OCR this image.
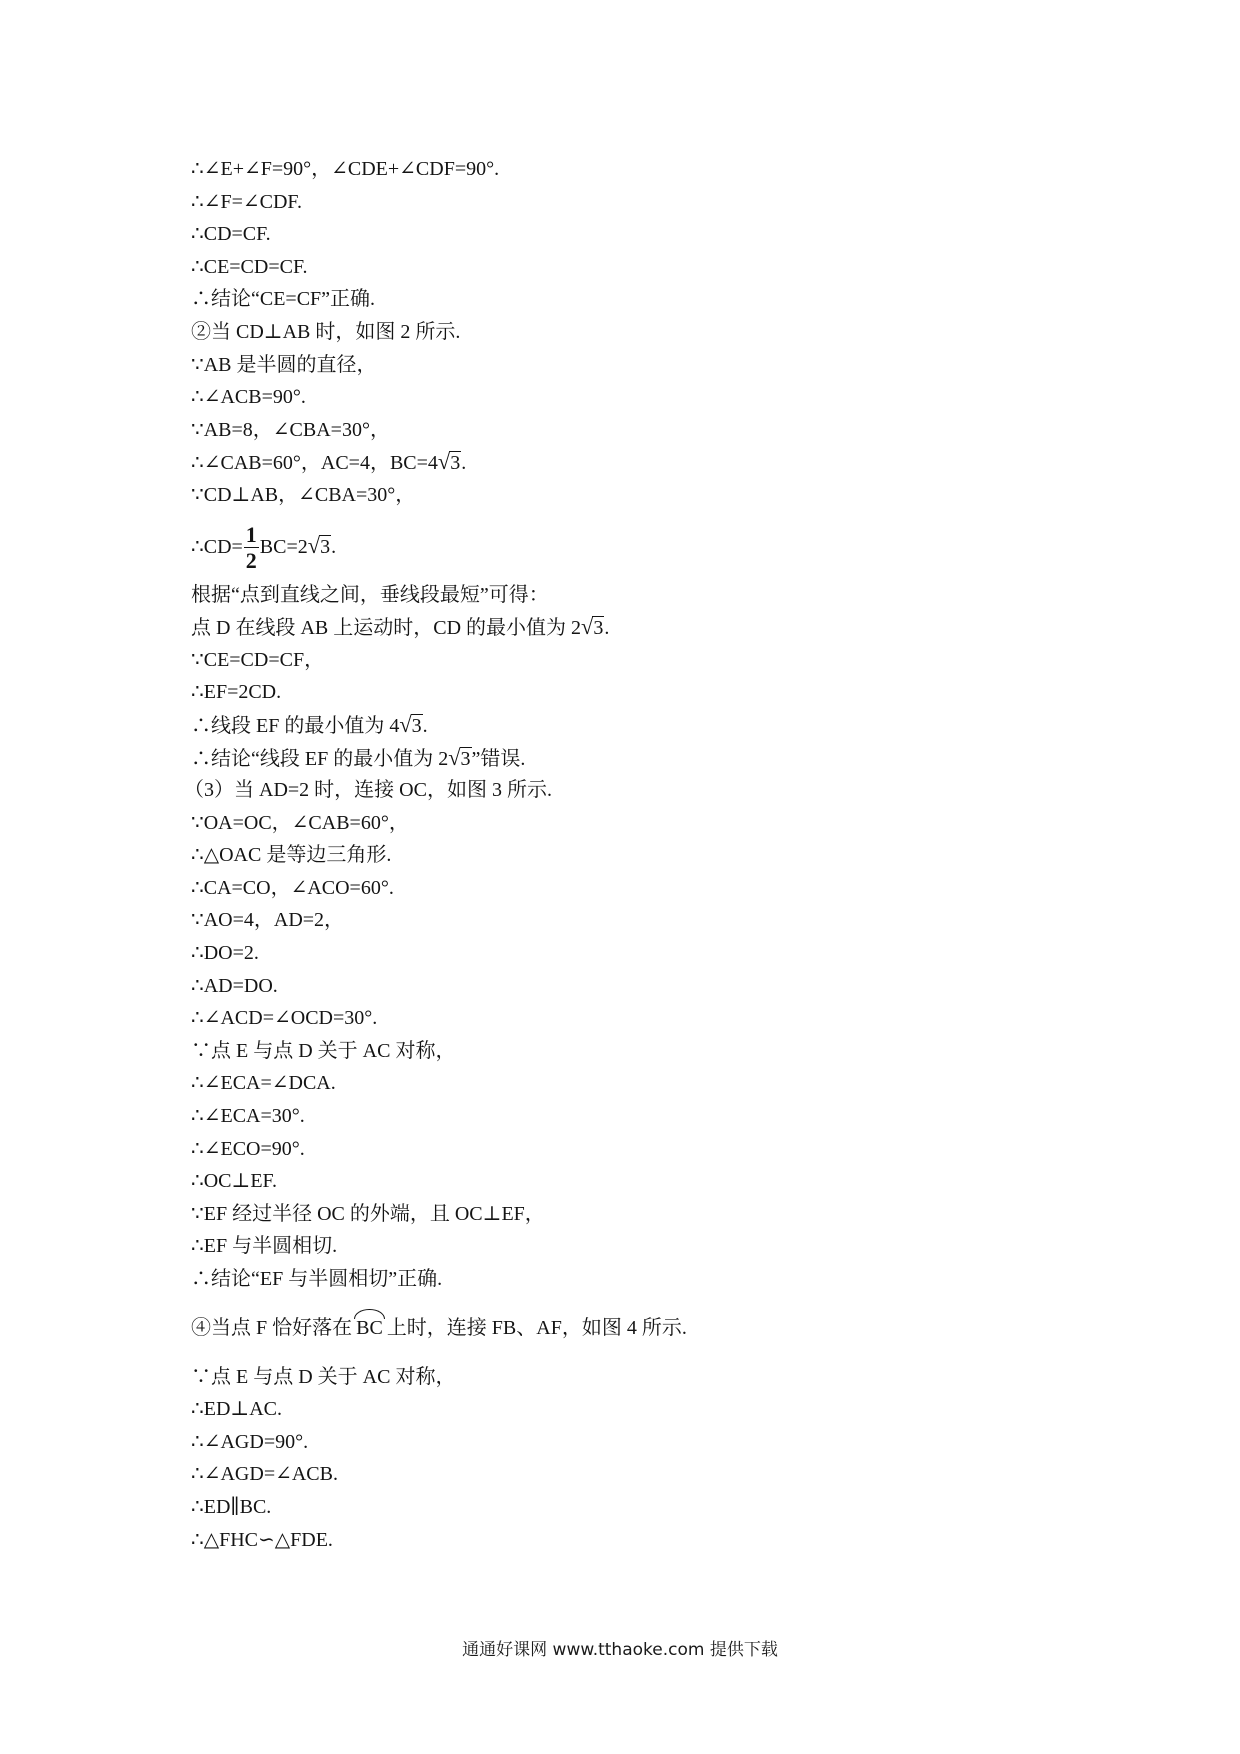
∴∠E+∠F=90°，∠CDE+∠CDF=90°.
∴∠F=∠CDF.
∴CD=CF.
∴CE=CD=CF.
∴结论“CE=CF”正确.
②当 CD⊥AB 时，如图 2 所示.
∵AB 是半圆的直径，
∴∠ACB=90°.
∵AB=8，∠CBA=30°，
∴∠CAB=60°，AC=4，BC=4√3.
∵CD⊥AB，∠CBA=30°，
∴CD= $\frac{1}{2} BC=2√3$.
根据“点到直线之间，垂线段最短”可得：
点 D 在线段 AB 上运动时，CD 的最小值为 2√3.
∵CE=CD=CF，
∴EF=2CD.
∴线段 EF 的最小值为 4√3.
∴结论“线段 EF 的最小值为 2√3”错误.
（3）当 AD=2 时，连接 OC，如图 3 所示.
∵OA=OC，∠CAB=60°，
∴△OAC 是等边三角形.
∴CA=CO，∠ACO=60°.
∵AO=4，AD=2，
∴DO=2.
∴AD=DO.
∴∠ACD=∠OCD=30°.
∵点 E 与点 D 关于 AC 对称，
∴∠ECA=∠DCA.
∴∠ECA=30°.
∴∠ECO=90°.
∴OC⊥EF.
∵EF 经过半径 OC 的外端，且 OC⊥EF，
∴EF 与半圆相切.
∴结论“EF 与半圆相切”正确.
④当点 F 恰好落在 BC 上时，连接 FB、AF，如图 4 所示.
∵点 E 与点 D 关于 AC 对称，
∴ED⊥AC.
∴∠AGD=90°.
∴∠AGD=∠ACB.
∴ED∥BC.
∴△FHC∽△FDE.
通通好课网 www.tthaoke.com 提供下载
